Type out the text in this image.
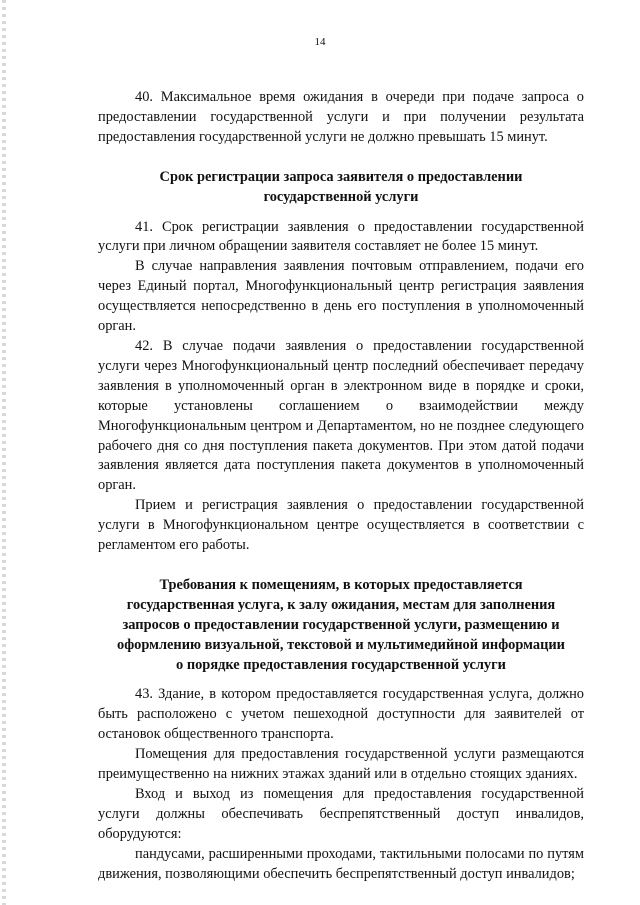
14

40. Максимальное время ожидания в очереди при подаче запроса о предоставлении государственной услуги и при получении результата предоставления государственной услуги не должно превышать 15 минут.

Срок регистрации запроса заявителя о предоставлении государственной услуги

41. Срок регистрации заявления о предоставлении государственной услуги при личном обращении заявителя составляет не более 15 минут.

В случае направления заявления почтовым отправлением, подачи его через Единый портал, Многофункциональный центр регистрация заявления осуществляется непосредственно в день его поступления в уполномоченный орган.

42. В случае подачи заявления о предоставлении государственной услуги через Многофункциональный центр последний обеспечивает передачу заявления в уполномоченный орган в электронном виде в порядке и сроки, которые установлены соглашением о взаимодействии между Многофункциональным центром и Департаментом, но не позднее следующего рабочего дня со дня поступления пакета документов. При этом датой подачи заявления является дата поступления пакета документов в уполномоченный орган.

Прием и регистрация заявления о предоставлении государственной услуги в Многофункциональном центре осуществляется в соответствии с регламентом его работы.

Требования к помещениям, в которых предоставляется государственная услуга, к залу ожидания, местам для заполнения запросов о предоставлении государственной услуги, размещению и оформлению визуальной, текстовой и мультимедийной информации о порядке предоставления государственной услуги

43. Здание, в котором предоставляется государственная услуга, должно быть расположено с учетом пешеходной доступности для заявителей от остановок общественного транспорта.

Помещения для предоставления государственной услуги размещаются преимущественно на нижних этажах зданий или в отдельно стоящих зданиях.

Вход и выход из помещения для предоставления государственной услуги должны обеспечивать беспрепятственный доступ инвалидов, оборудуются:

пандусами, расширенными проходами, тактильными полосами по путям движения, позволяющими обеспечить беспрепятственный доступ инвалидов;
